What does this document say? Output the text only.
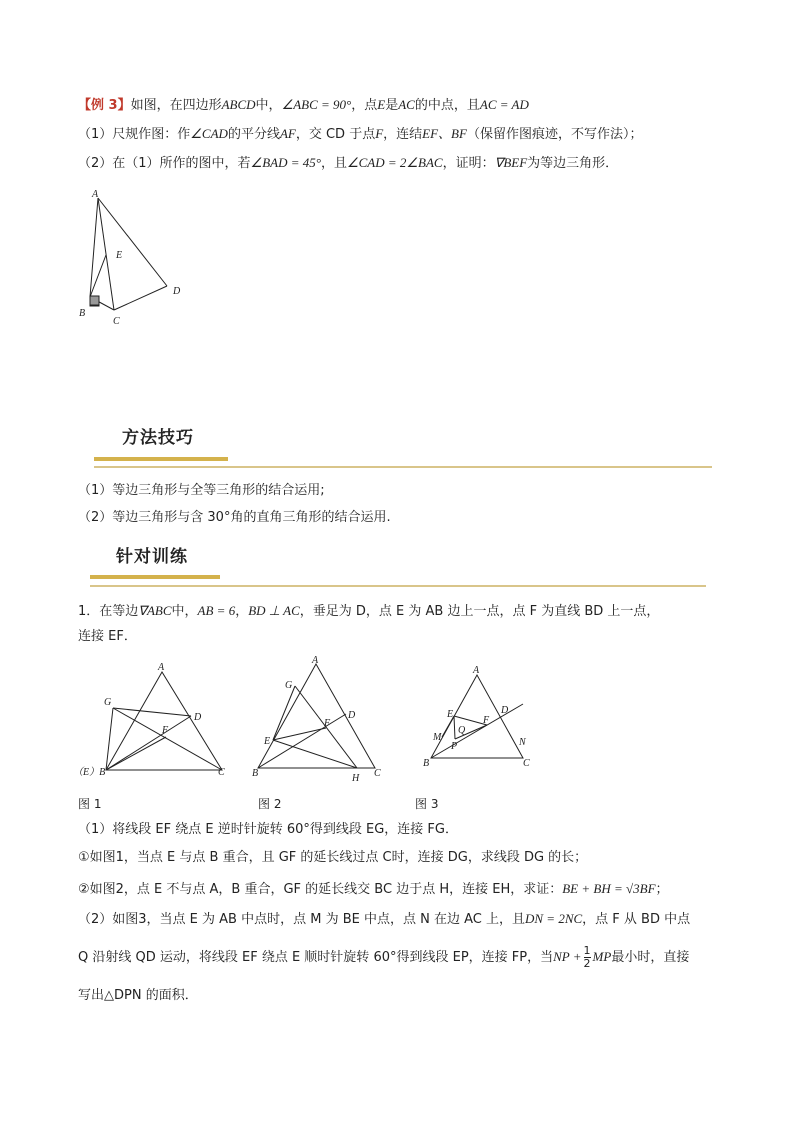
【例 3】如图，在四边形ABCD中，∠ABC = 90°，点E是AC的中点，且AC = AD
（1）尺规作图：作∠CAD的平分线AF，交 CD 于点F，连结EF、BF（保留作图痕迹，不写作法）；
（2）在（1）所作的图中，若∠BAD = 45°，且∠CAD = 2∠BAC，证明：∇BEF为等边三角形．
A
E
D
B
C
方法技巧
（1）等边三角形与全等三角形的结合运用;
（2）等边三角形与含 30°角的直角三角形的结合运用.
针对训练
1．在等边∇ABC中，AB = 6，BD ⊥ AC，垂足为 D，点 E 为 AB 边上一点，点 F 为直线 BD 上一点，
连接 EF．
A
G
D
F
（E）B	C
图 1
A
G
D
F
E
B	H C
图 2
A
E	D
M
Q
F
N
P
B	C
图 3
（1）将线段 EF 绕点 E 逆时针旋转 60°得到线段 EG，连接 FG．
①如图1，当点 E 与点 B 重合，且 GF 的延长线过点 C时，连接 DG，求线段 DG 的长；
②如图2，点 E 不与点 A，B 重合，GF 的延长线交 BC 边于点 H，连接 EH，求证：BE + BH = √3BF；
（2）如图3，当点 E 为 AB 中点时，点 M 为 BE 中点，点 N 在边 AC 上，且DN = 2NC，点 F 从 BD 中点
Q 沿射线 QD 运动，将线段 EF 绕点 E 顺时针旋转 60°得到线段 EP，连接 FP，当NP + $\frac{1}{2}$ MP最小时，直接
写出△DPN 的面积．
